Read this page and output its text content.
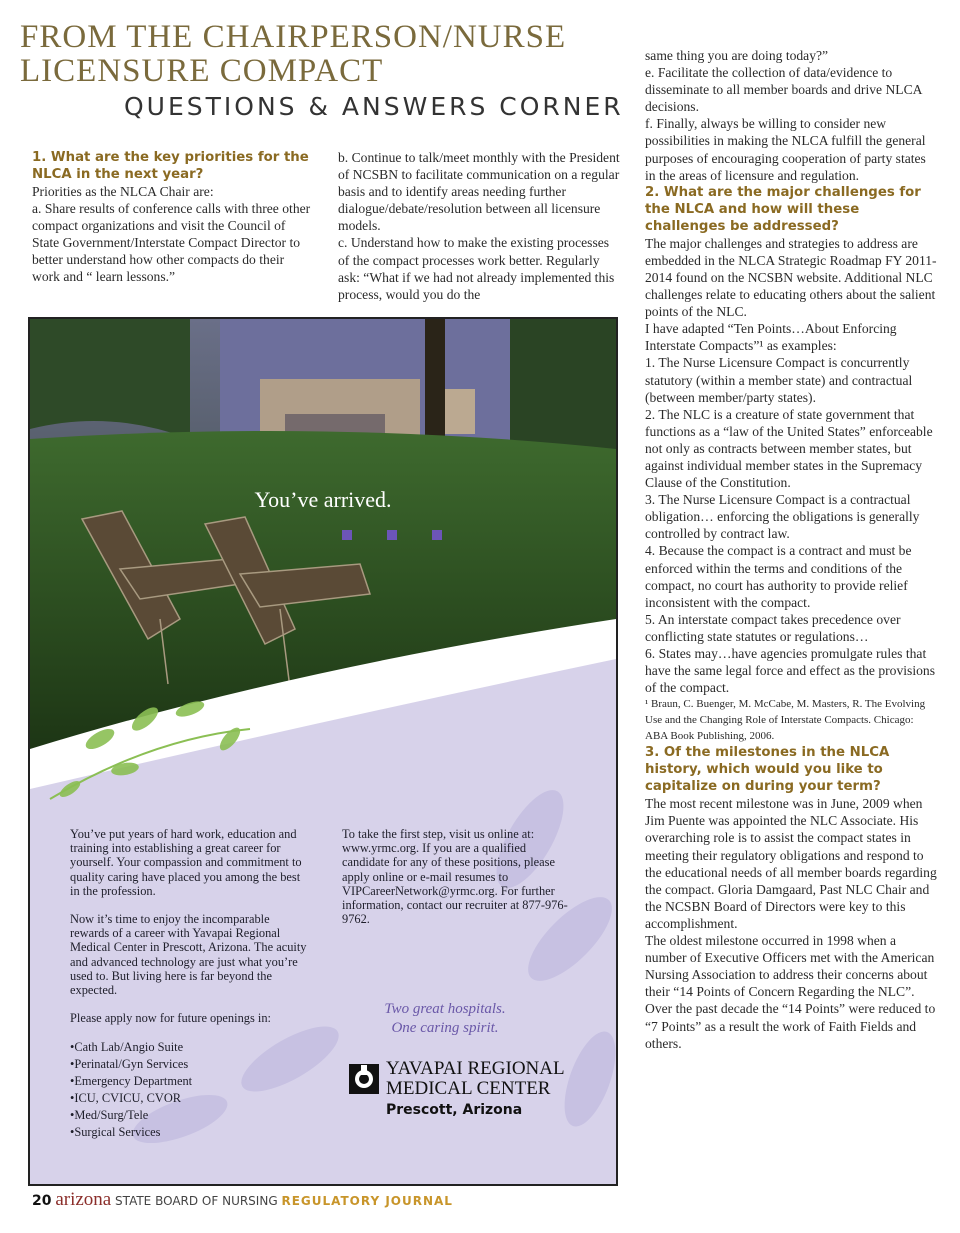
FROM THE CHAIRPERSON/NURSE
LICENSURE COMPACT
QUESTIONS & ANSWERS CORNER

1. What are the key priorities for the NLCA in the next year?

Priorities as the NLCA Chair are:

a. Share results of conference calls with three other compact organizations and visit the Council of State Government/Interstate Compact Director to better understand how other compacts do their work and “ learn lessons.”

b. Continue to talk/meet monthly with the President of NCSBN to facilitate communication on a regular basis and to identify areas needing further dialogue/debate/resolution between all licensure models.

c. Understand how to make the existing processes of the compact processes work better. Regularly ask: “What if we had not already implemented this process, would you do the

same thing you are doing today?”

e. Facilitate the collection of data/evidence to disseminate to all member boards and drive NLCA decisions.

f. Finally, always be willing to consider new possibilities in making the NLCA fulfill the general purposes of encouraging cooperation of party states in the areas of licensure and regulation.

2. What are the major challenges for the NLCA and how will these challenges be addressed?

The major challenges and strategies to address are embedded in the NLCA Strategic Roadmap FY 2011-2014 found on the NCSBN website. Additional NLC challenges relate to educating others about the salient points of the NLC.

I have adapted “Ten Points…About Enforcing Interstate Compacts”¹ as examples:

1. The Nurse Licensure Compact is concurrently statutory (within a member state) and contractual (between member/party states).

2. The NLC is a creature of state government that functions as a “law of the United States” enforceable not only as contracts between member states, but against individual member states in the Supremacy Clause of the Constitution.

3. The Nurse Licensure Compact is a contractual obligation… enforcing the obligations is generally controlled by contract law.

4. Because the compact is a contract and must be enforced within the terms and conditions of the compact, no court has authority to provide relief inconsistent with the compact.

5. An interstate compact takes precedence over conflicting state statutes or regulations…

6. States may…have agencies promulgate rules that have the same legal force and effect as the provisions of the compact.

¹ Braun, C. Buenger, M. McCabe, M. Masters, R. The Evolving Use and the Changing Role of Interstate Compacts. Chicago: ABA Book Publishing, 2006.

3. Of the milestones in the NLCA history, which would you like to capitalize on during your term?

The most recent milestone was in June, 2009 when Jim Puente was appointed the NLC Associate. His overarching role is to assist the compact states in meeting their regulatory obligations and respond to the educational needs of all member boards regarding the compact. Gloria Damgaard, Past NLC Chair and the NCSBN Board of Directors were key to this accomplishment.

The oldest milestone occurred in 1998 when a number of Executive Officers met with the American Nursing Association to address their concerns about their “14 Points of Concern Regarding the NLC”. Over the past decade the “14 Points” were reduced to “7 Points” as a result the work of Faith Fields and others.

You’ve arrived.

You’ve put years of hard work, education and training into establishing a great career for yourself. Your compassion and commitment to quality caring have placed you among the best in the profession.

Now it’s time to enjoy the incomparable rewards of a career with Yavapai Regional Medical Center in Prescott, Arizona. The acuity and advanced technology are just what you’re used to. But living here is far beyond the expected.

Please apply now for future openings in:

• Cath Lab/Angio Suite
• Perinatal/Gyn Services
• Emergency Department
• ICU, CVICU, CVOR
• Med/Surg/Tele
• Surgical Services

To take the first step, visit us online at: www.yrmc.org. If you are a qualified candidate for any of these positions, please apply online or e-mail resumes to VIPCareerNetwork@yrmc.org. For further information, contact our recruiter at 877-976-9762.

Two great hospitals.
One caring spirit.

YAVAPAI REGIONAL
MEDICAL CENTER

Prescott, Arizona

20 arizona STATE BOARD OF NURSING REGULATORY JOURNAL
